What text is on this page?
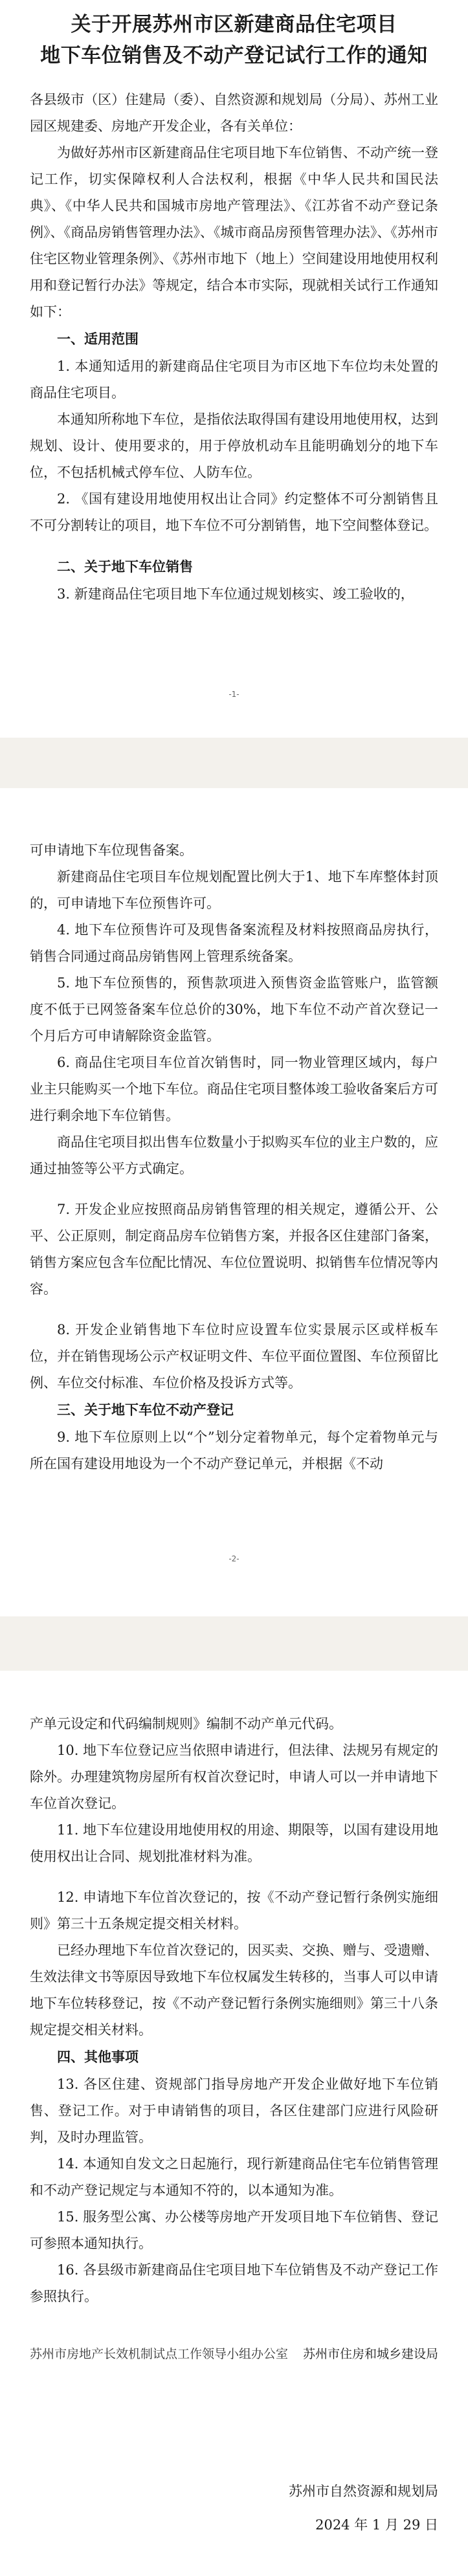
关于开展苏州市区新建商品住宅项目
地下车位销售及不动产登记试行工作的通知

各县级市（区）住建局（委）、自然资源和规划局（分局）、苏州工业园区规建委、房地产开发企业，各有关单位：

为做好苏州市区新建商品住宅项目地下车位销售、不动产统一登记工作，切实保障权利人合法权利，根据《中华人民共和国民法典》、《中华人民共和国城市房地产管理法》、《江苏省不动产登记条例》、《商品房销售管理办法》、《城市商品房预售管理办法》、《苏州市住宅区物业管理条例》、《苏州市地下（地上）空间建设用地使用权利用和登记暂行办法》等规定，结合本市实际，现就相关试行工作通知如下：

一、适用范围

1. 本通知适用的新建商品住宅项目为市区地下车位均未处置的商品住宅项目。

本通知所称地下车位，是指依法取得国有建设用地使用权，达到规划、设计、使用要求的，用于停放机动车且能明确划分的地下车位，不包括机械式停车位、人防车位。

2. 《国有建设用地使用权出让合同》约定整体不可分割销售且不可分割转让的项目，地下车位不可分割销售，地下空间整体登记。

二、关于地下车位销售

3. 新建商品住宅项目地下车位通过规划核实、竣工验收的，

-1-

可申请地下车位现售备案。

新建商品住宅项目车位规划配置比例大于1、地下车库整体封顶的，可申请地下车位预售许可。

4. 地下车位预售许可及现售备案流程及材料按照商品房执行，销售合同通过商品房销售网上管理系统备案。

5. 地下车位预售的，预售款项进入预售资金监管账户，监管额度不低于已网签备案车位总价的30%，地下车位不动产首次登记一个月后方可申请解除资金监管。

6. 商品住宅项目车位首次销售时，同一物业管理区域内，每户业主只能购买一个地下车位。商品住宅项目整体竣工验收备案后方可进行剩余地下车位销售。

商品住宅项目拟出售车位数量小于拟购买车位的业主户数的，应通过抽签等公平方式确定。

7. 开发企业应按照商品房销售管理的相关规定，遵循公开、公平、公正原则，制定商品房车位销售方案，并报各区住建部门备案，销售方案应包含车位配比情况、车位位置说明、拟销售车位情况等内容。

8. 开发企业销售地下车位时应设置车位实景展示区或样板车位，并在销售现场公示产权证明文件、车位平面位置图、车位预留比例、车位交付标准、车位价格及投诉方式等。

三、关于地下车位不动产登记

9. 地下车位原则上以“个”划分定着物单元，每个定着物单元与所在国有建设用地设为一个不动产登记单元，并根据《不动

-2-

产单元设定和代码编制规则》编制不动产单元代码。

10. 地下车位登记应当依照申请进行，但法律、法规另有规定的除外。办理建筑物房屋所有权首次登记时，申请人可以一并申请地下车位首次登记。

11. 地下车位建设用地使用权的用途、期限等，以国有建设用地使用权出让合同、规划批准材料为准。

12. 申请地下车位首次登记的，按《不动产登记暂行条例实施细则》第三十五条规定提交相关材料。

已经办理地下车位首次登记的，因买卖、交换、赠与、受遗赠、生效法律文书等原因导致地下车位权属发生转移的，当事人可以申请地下车位转移登记，按《不动产登记暂行条例实施细则》第三十八条规定提交相关材料。

四、其他事项

13. 各区住建、资规部门指导房地产开发企业做好地下车位销售、登记工作。对于申请销售的项目，各区住建部门应进行风险研判，及时办理监管。

14. 本通知自发文之日起施行，现行新建商品住宅车位销售管理和不动产登记规定与本通知不符的，以本通知为准。

15. 服务型公寓、办公楼等房地产开发项目地下车位销售、登记可参照本通知执行。

16. 各县级市新建商品住宅项目地下车位销售及不动产登记工作参照执行。

苏州市房地产长效机制试点工作领导小组办公室 苏州市住房和城乡建设局
苏州市自然资源和规划局
2024 年 1 月 29 日
